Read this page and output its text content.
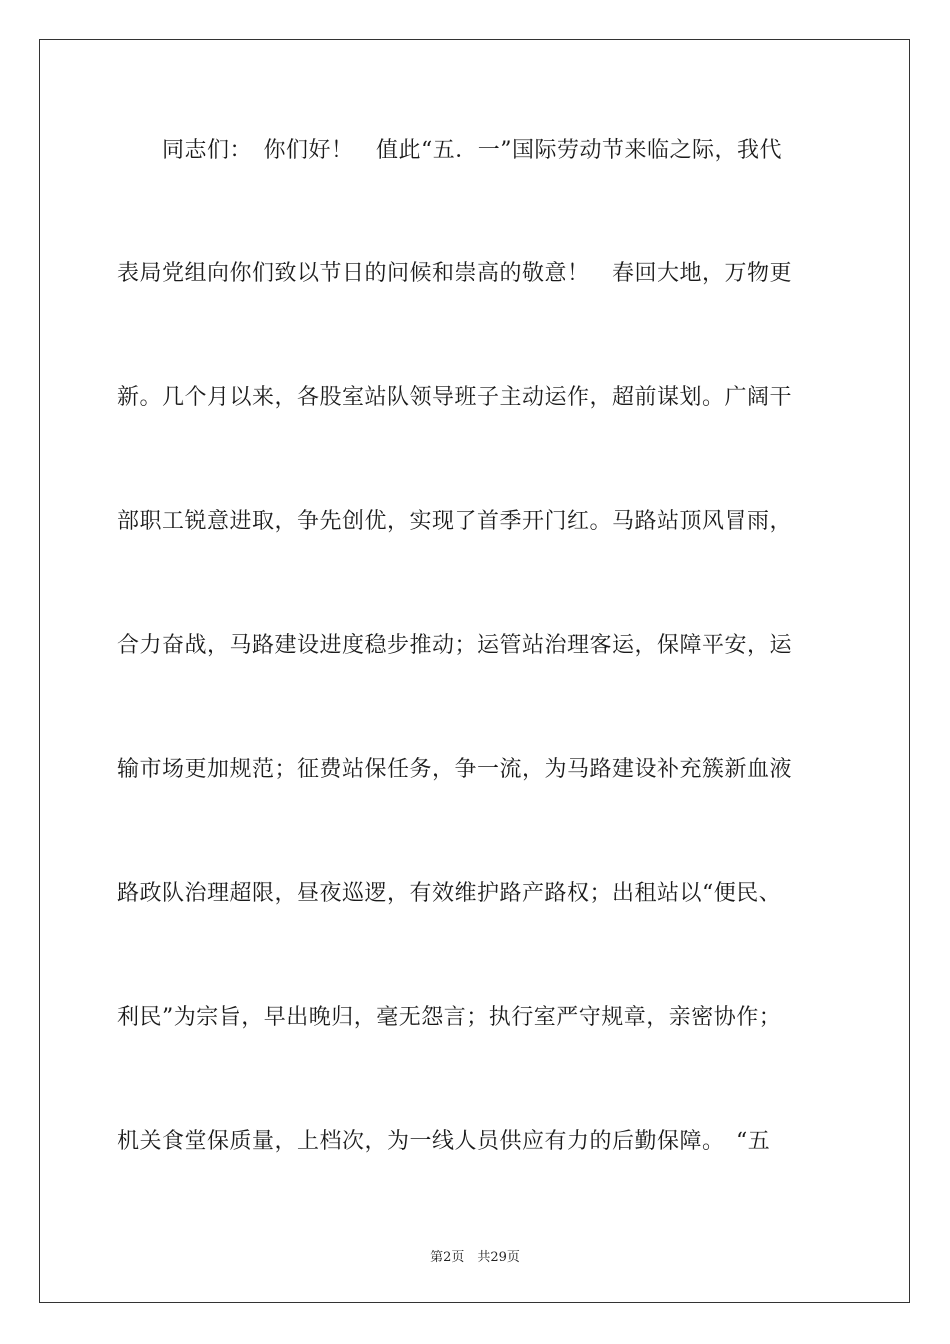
　　同志们：　你们好！　值此“五．一”国际劳动节来临之际，我代
表局党组向你们致以节日的问候和崇高的敬意！　春回大地，万物更
新。几个月以来，各股室站队领导班子主动运作，超前谋划。广阔干
部职工锐意进取，争先创优，实现了首季开门红。马路站顶风冒雨，
合力奋战，马路建设进度稳步推动；运管站治理客运，保障平安，运
输市场更加规范；征费站保任务，争一流，为马路建设补充簇新血液
路政队治理超限，昼夜巡逻，有效维护路产路权；出租站以“便民、
利民”为宗旨，早出晚归，毫无怨言；执行室严守规章，亲密协作；
机关食堂保质量，上档次，为一线人员供应有力的后勤保障。　“五
第2页　共29页
